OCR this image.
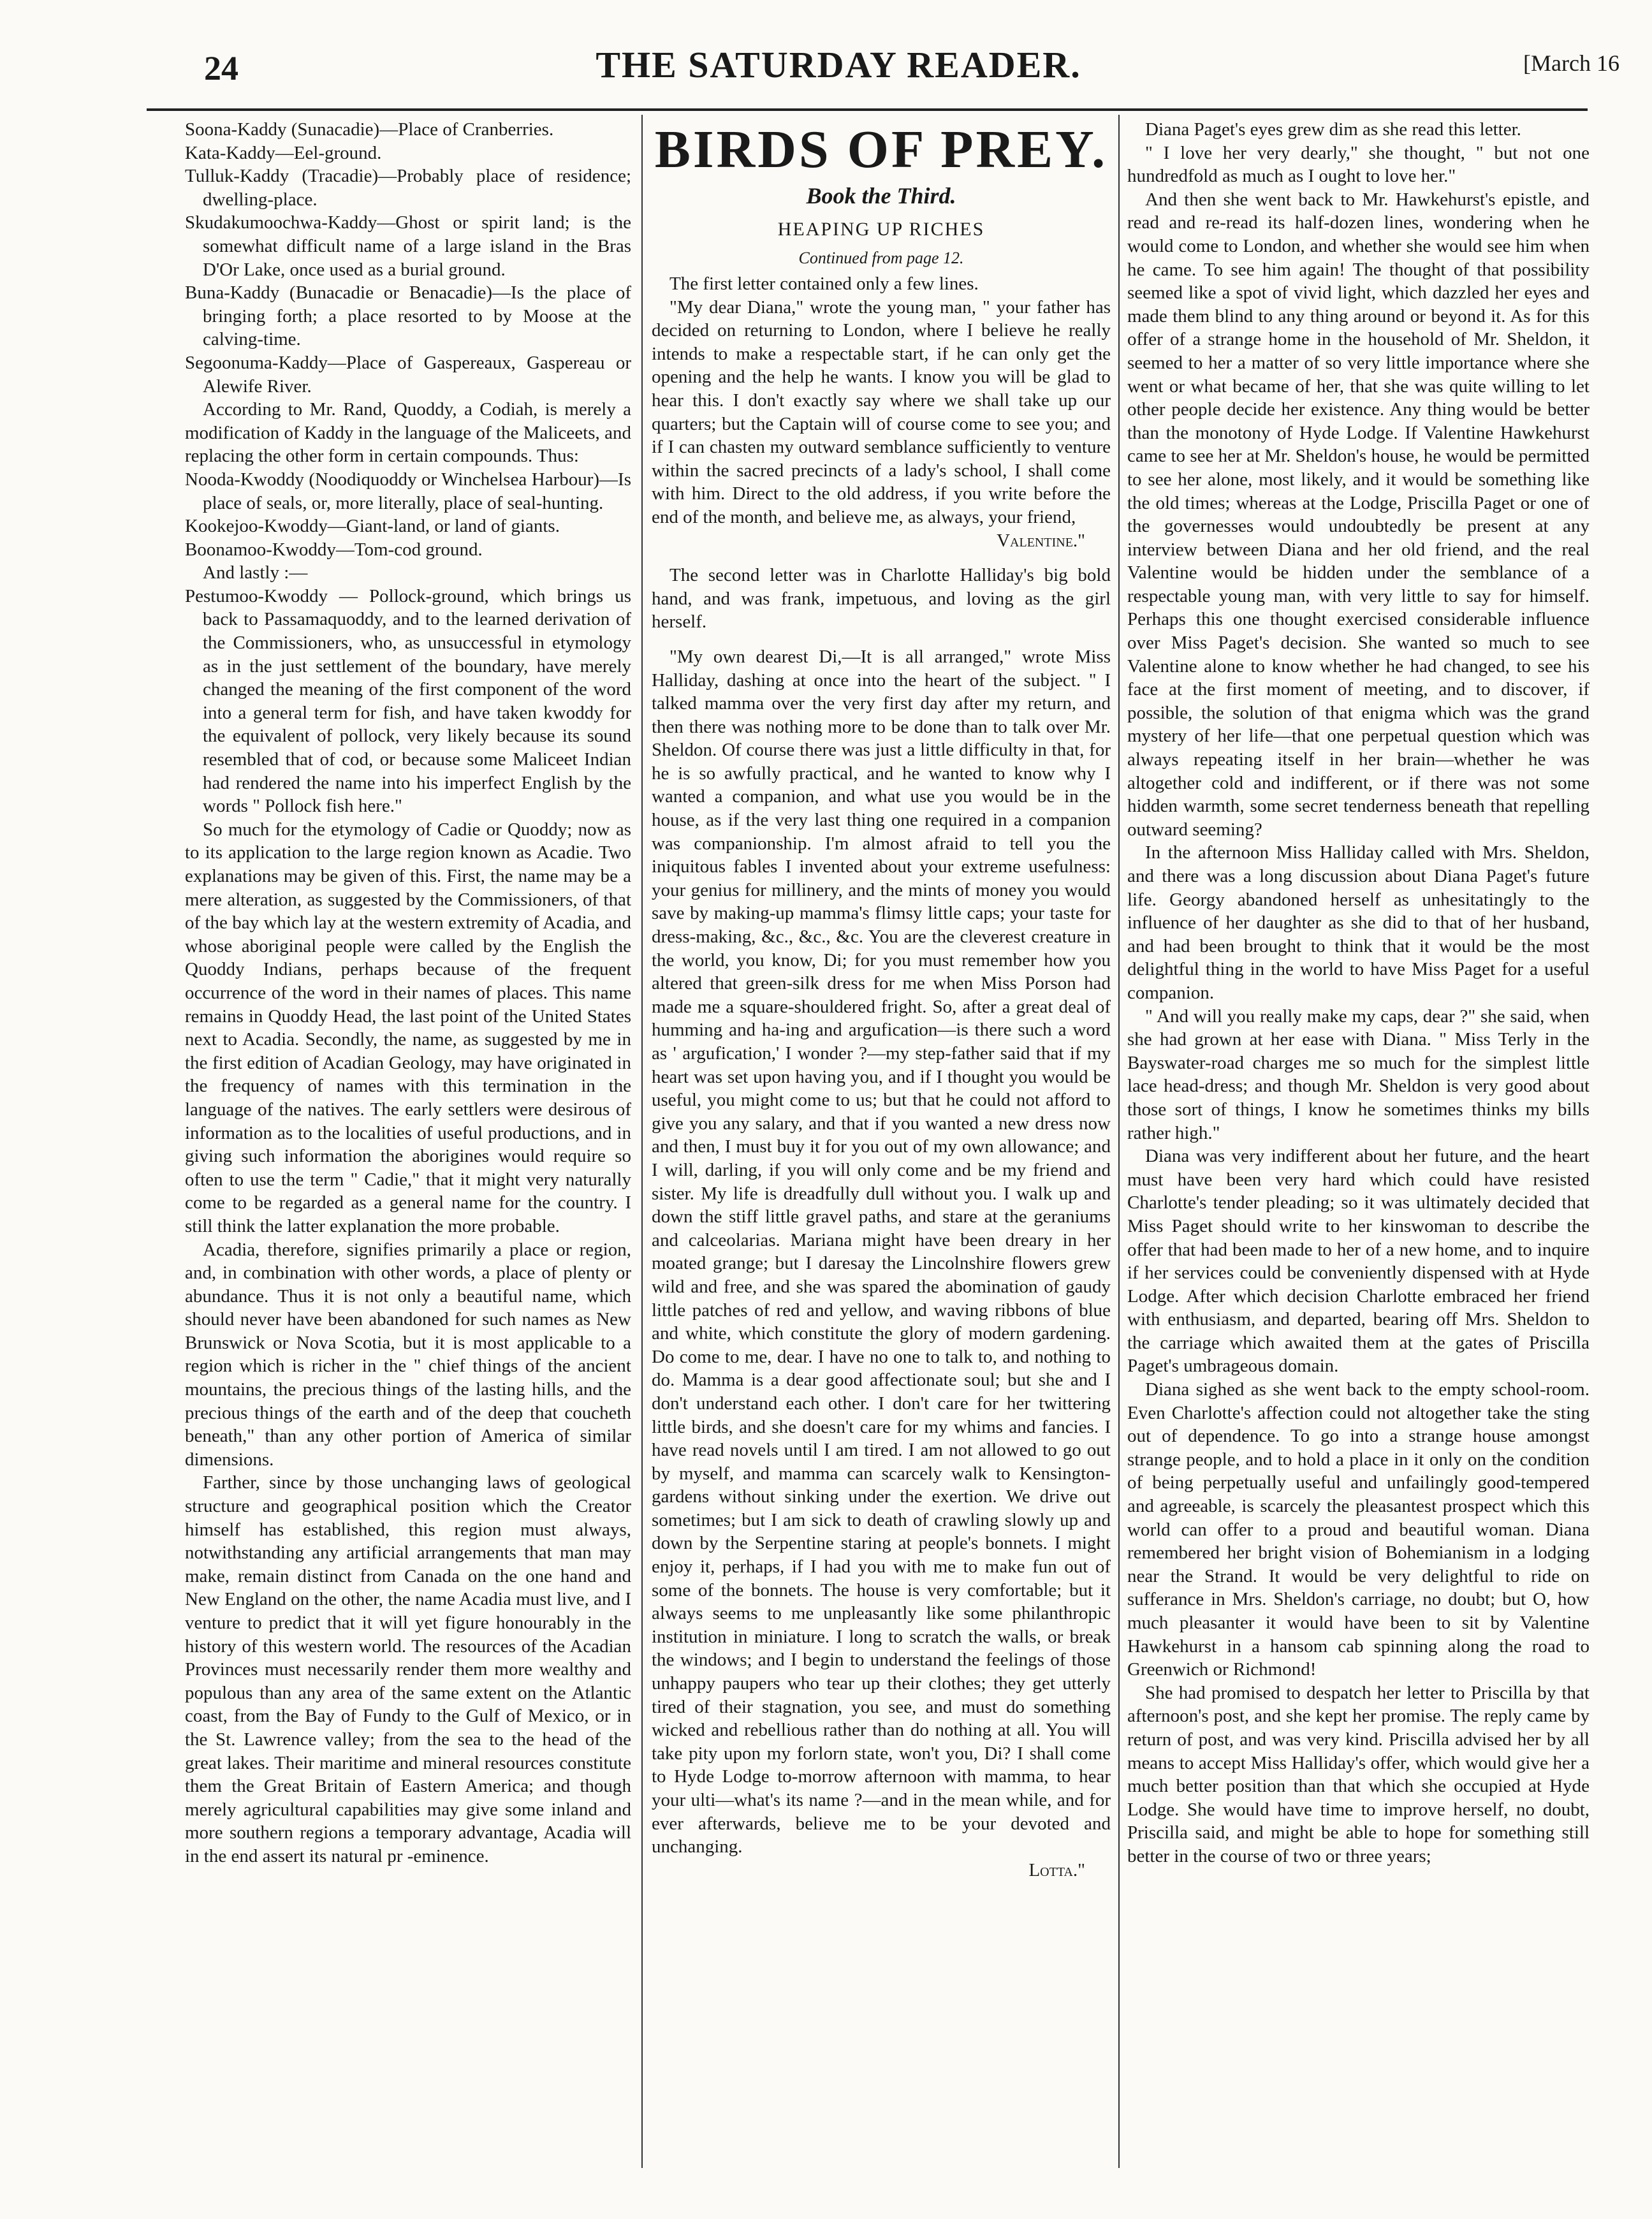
24	THE SATURDAY READER.	[March 16

Soona-Kaddy (Sunacadie)—Place of Cranberries.

Kata-Kaddy—Eel-ground.

Tulluk-Kaddy (Tracadie)—Probably place of residence; dwelling-place.

Skudakumoochwa-Kaddy—Ghost or spirit land; is the somewhat difficult name of a large island in the Bras D'Or Lake, once used as a burial ground.

Buna-Kaddy (Bunacadie or Benacadie)—Is the place of bringing forth; a place resorted to by Moose at the calving-time.

Segoonuma-Kaddy—Place of Gaspereaux, Gaspereau or Alewife River.

According to Mr. Rand, Quoddy, a Codiah, is merely a modification of Kaddy in the language of the Maliceets, and replacing the other form in certain compounds. Thus:

Nooda-Kwoddy (Noodiquoddy or Winchelsea Harbour)—Is place of seals, or, more literally, place of seal-hunting.

Kookejoo-Kwoddy—Giant-land, or land of giants.

Boonamoo-Kwoddy—Tom-cod ground.

And lastly :—

Pestumoo-Kwoddy — Pollock-ground, which brings us back to Passamaquoddy, and to the learned derivation of the Commissioners, who, as unsuccessful in etymology as in the just settlement of the boundary, have merely changed the meaning of the first component of the word into a general term for fish, and have taken kwoddy for the equivalent of pollock, very likely because its sound resembled that of cod, or because some Maliceet Indian had rendered the name into his imperfect English by the words " Pollock fish here."

So much for the etymology of Cadie or Quoddy; now as to its application to the large region known as Acadie. Two explanations may be given of this. First, the name may be a mere alteration, as suggested by the Commissioners, of that of the bay which lay at the western extremity of Acadia, and whose aboriginal people were called by the English the Quoddy Indians, perhaps because of the frequent occurrence of the word in their names of places. This name remains in Quoddy Head, the last point of the United States next to Acadia. Secondly, the name, as suggested by me in the first edition of Acadian Geology, may have originated in the frequency of names with this termination in the language of the natives. The early settlers were desirous of information as to the localities of useful productions, and in giving such information the aborigines would require so often to use the term " Cadie," that it might very naturally come to be regarded as a general name for the country. I still think the latter explanation the more probable.

Acadia, therefore, signifies primarily a place or region, and, in combination with other words, a place of plenty or abundance. Thus it is not only a beautiful name, which should never have been abandoned for such names as New Brunswick or Nova Scotia, but it is most applicable to a region which is richer in the " chief things of the ancient mountains, the precious things of the lasting hills, and the precious things of the earth and of the deep that coucheth beneath," than any other portion of America of similar dimensions.

Farther, since by those unchanging laws of geological structure and geographical position which the Creator himself has established, this region must always, notwithstanding any artificial arrangements that man may make, remain distinct from Canada on the one hand and New England on the other, the name Acadia must live, and I venture to predict that it will yet figure honourably in the history of this western world. The resources of the Acadian Provinces must necessarily render them more wealthy and populous than any area of the same extent on the Atlantic coast, from the Bay of Fundy to the Gulf of Mexico, or in the St. Lawrence valley; from the sea to the head of the great lakes. Their maritime and mineral resources constitute them the Great Britain of Eastern America; and though merely agricultural capabilities may give some inland and more southern regions a temporary advantage, Acadia will in the end assert its natural pr -eminence.

BIRDS OF PREY.
Book the Third.
HEAPING UP RICHES
Continued from page 12.

The first letter contained only a few lines.

"My dear Diana," wrote the young man, " your father has decided on returning to London, where I believe he really intends to make a respectable start, if he can only get the opening and the help he wants. I know you will be glad to hear this. I don't exactly say where we shall take up our quarters; but the Captain will of course come to see you; and if I can chasten my outward semblance sufficiently to venture within the sacred precincts of a lady's school, I shall come with him. Direct to the old address, if you write before the end of the month, and believe me, as always, your friend,

Valentine."

The second letter was in Charlotte Halliday's big bold hand, and was frank, impetuous, and loving as the girl herself.

"My own dearest Di,—It is all arranged," wrote Miss Halliday, dashing at once into the heart of the subject. " I talked mamma over the very first day after my return, and then there was nothing more to be done than to talk over Mr. Sheldon. Of course there was just a little difficulty in that, for he is so awfully practical, and he wanted to know why I wanted a companion, and what use you would be in the house, as if the very last thing one required in a companion was companionship. I'm almost afraid to tell you the iniquitous fables I invented about your extreme usefulness: your genius for millinery, and the mints of money you would save by making-up mamma's flimsy little caps; your taste for dress-making, &c., &c., &c. You are the cleverest creature in the world, you know, Di; for you must remember how you altered that green-silk dress for me when Miss Porson had made me a square-shouldered fright. So, after a great deal of humming and ha-ing and argufication—is there such a word as ' argufication,' I wonder ?—my step-father said that if my heart was set upon having you, and if I thought you would be useful, you might come to us; but that he could not afford to give you any salary, and that if you wanted a new dress now and then, I must buy it for you out of my own allowance; and I will, darling, if you will only come and be my friend and sister. My life is dreadfully dull without you. I walk up and down the stiff little gravel paths, and stare at the geraniums and calceolarias. Mariana might have been dreary in her moated grange; but I daresay the Lincolnshire flowers grew wild and free, and she was spared the abomination of gaudy little patches of red and yellow, and waving ribbons of blue and white, which constitute the glory of modern gardening. Do come to me, dear. I have no one to talk to, and nothing to do. Mamma is a dear good affectionate soul; but she and I don't understand each other. I don't care for her twittering little birds, and she doesn't care for my whims and fancies. I have read novels until I am tired. I am not allowed to go out by myself, and mamma can scarcely walk to Kensington-gardens without sinking under the exertion. We drive out sometimes; but I am sick to death of crawling slowly up and down by the Serpentine staring at people's bonnets. I might enjoy it, perhaps, if I had you with me to make fun out of some of the bonnets. The house is very comfortable; but it always seems to me unpleasantly like some philanthropic institution in miniature. I long to scratch the walls, or break the windows; and I begin to understand the feelings of those unhappy paupers who tear up their clothes; they get utterly tired of their stagnation, you see, and must do something wicked and rebellious rather than do nothing at all. You will take pity upon my forlorn state, won't you, Di? I shall come to Hyde Lodge to-morrow afternoon with mamma, to hear your ulti—what's its name ?—and in the mean while, and for ever afterwards, believe me to be your devoted and unchanging.

Lotta."

Diana Paget's eyes grew dim as she read this letter.

" I love her very dearly," she thought, " but not one hundredfold as much as I ought to love her."

And then she went back to Mr. Hawkehurst's epistle, and read and re-read its half-dozen lines, wondering when he would come to London, and whether she would see him when he came. To see him again! The thought of that possibility seemed like a spot of vivid light, which dazzled her eyes and made them blind to any thing around or beyond it. As for this offer of a strange home in the household of Mr. Sheldon, it seemed to her a matter of so very little importance where she went or what became of her, that she was quite willing to let other people decide her existence. Any thing would be better than the monotony of Hyde Lodge. If Valentine Hawkehurst came to see her at Mr. Sheldon's house, he would be permitted to see her alone, most likely, and it would be something like the old times; whereas at the Lodge, Priscilla Paget or one of the governesses would undoubtedly be present at any interview between Diana and her old friend, and the real Valentine would be hidden under the semblance of a respectable young man, with very little to say for himself. Perhaps this one thought exercised considerable influence over Miss Paget's decision. She wanted so much to see Valentine alone to know whether he had changed, to see his face at the first moment of meeting, and to discover, if possible, the solution of that enigma which was the grand mystery of her life—that one perpetual question which was always repeating itself in her brain—whether he was altogether cold and indifferent, or if there was not some hidden warmth, some secret tenderness beneath that repelling outward seeming?

In the afternoon Miss Halliday called with Mrs. Sheldon, and there was a long discussion about Diana Paget's future life. Georgy abandoned herself as unhesitatingly to the influence of her daughter as she did to that of her husband, and had been brought to think that it would be the most delightful thing in the world to have Miss Paget for a useful companion.

" And will you really make my caps, dear ?" she said, when she had grown at her ease with Diana. " Miss Terly in the Bayswater-road charges me so much for the simplest little lace head-dress; and though Mr. Sheldon is very good about those sort of things, I know he sometimes thinks my bills rather high."

Diana was very indifferent about her future, and the heart must have been very hard which could have resisted Charlotte's tender pleading; so it was ultimately decided that Miss Paget should write to her kinswoman to describe the offer that had been made to her of a new home, and to inquire if her services could be conveniently dispensed with at Hyde Lodge. After which decision Charlotte embraced her friend with enthusiasm, and departed, bearing off Mrs. Sheldon to the carriage which awaited them at the gates of Priscilla Paget's umbrageous domain.

Diana sighed as she went back to the empty school-room. Even Charlotte's affection could not altogether take the sting out of dependence. To go into a strange house amongst strange people, and to hold a place in it only on the condition of being perpetually useful and unfailingly good-tempered and agreeable, is scarcely the pleasantest prospect which this world can offer to a proud and beautiful woman. Diana remembered her bright vision of Bohemianism in a lodging near the Strand. It would be very delightful to ride on sufferance in Mrs. Sheldon's carriage, no doubt; but O, how much pleasanter it would have been to sit by Valentine Hawkehurst in a hansom cab spinning along the road to Greenwich or Richmond!

She had promised to despatch her letter to Priscilla by that afternoon's post, and she kept her promise. The reply came by return of post, and was very kind. Priscilla advised her by all means to accept Miss Halliday's offer, which would give her a much better position than that which she occupied at Hyde Lodge. She would have time to improve herself, no doubt, Priscilla said, and might be able to hope for something still better in the course of two or three years;
